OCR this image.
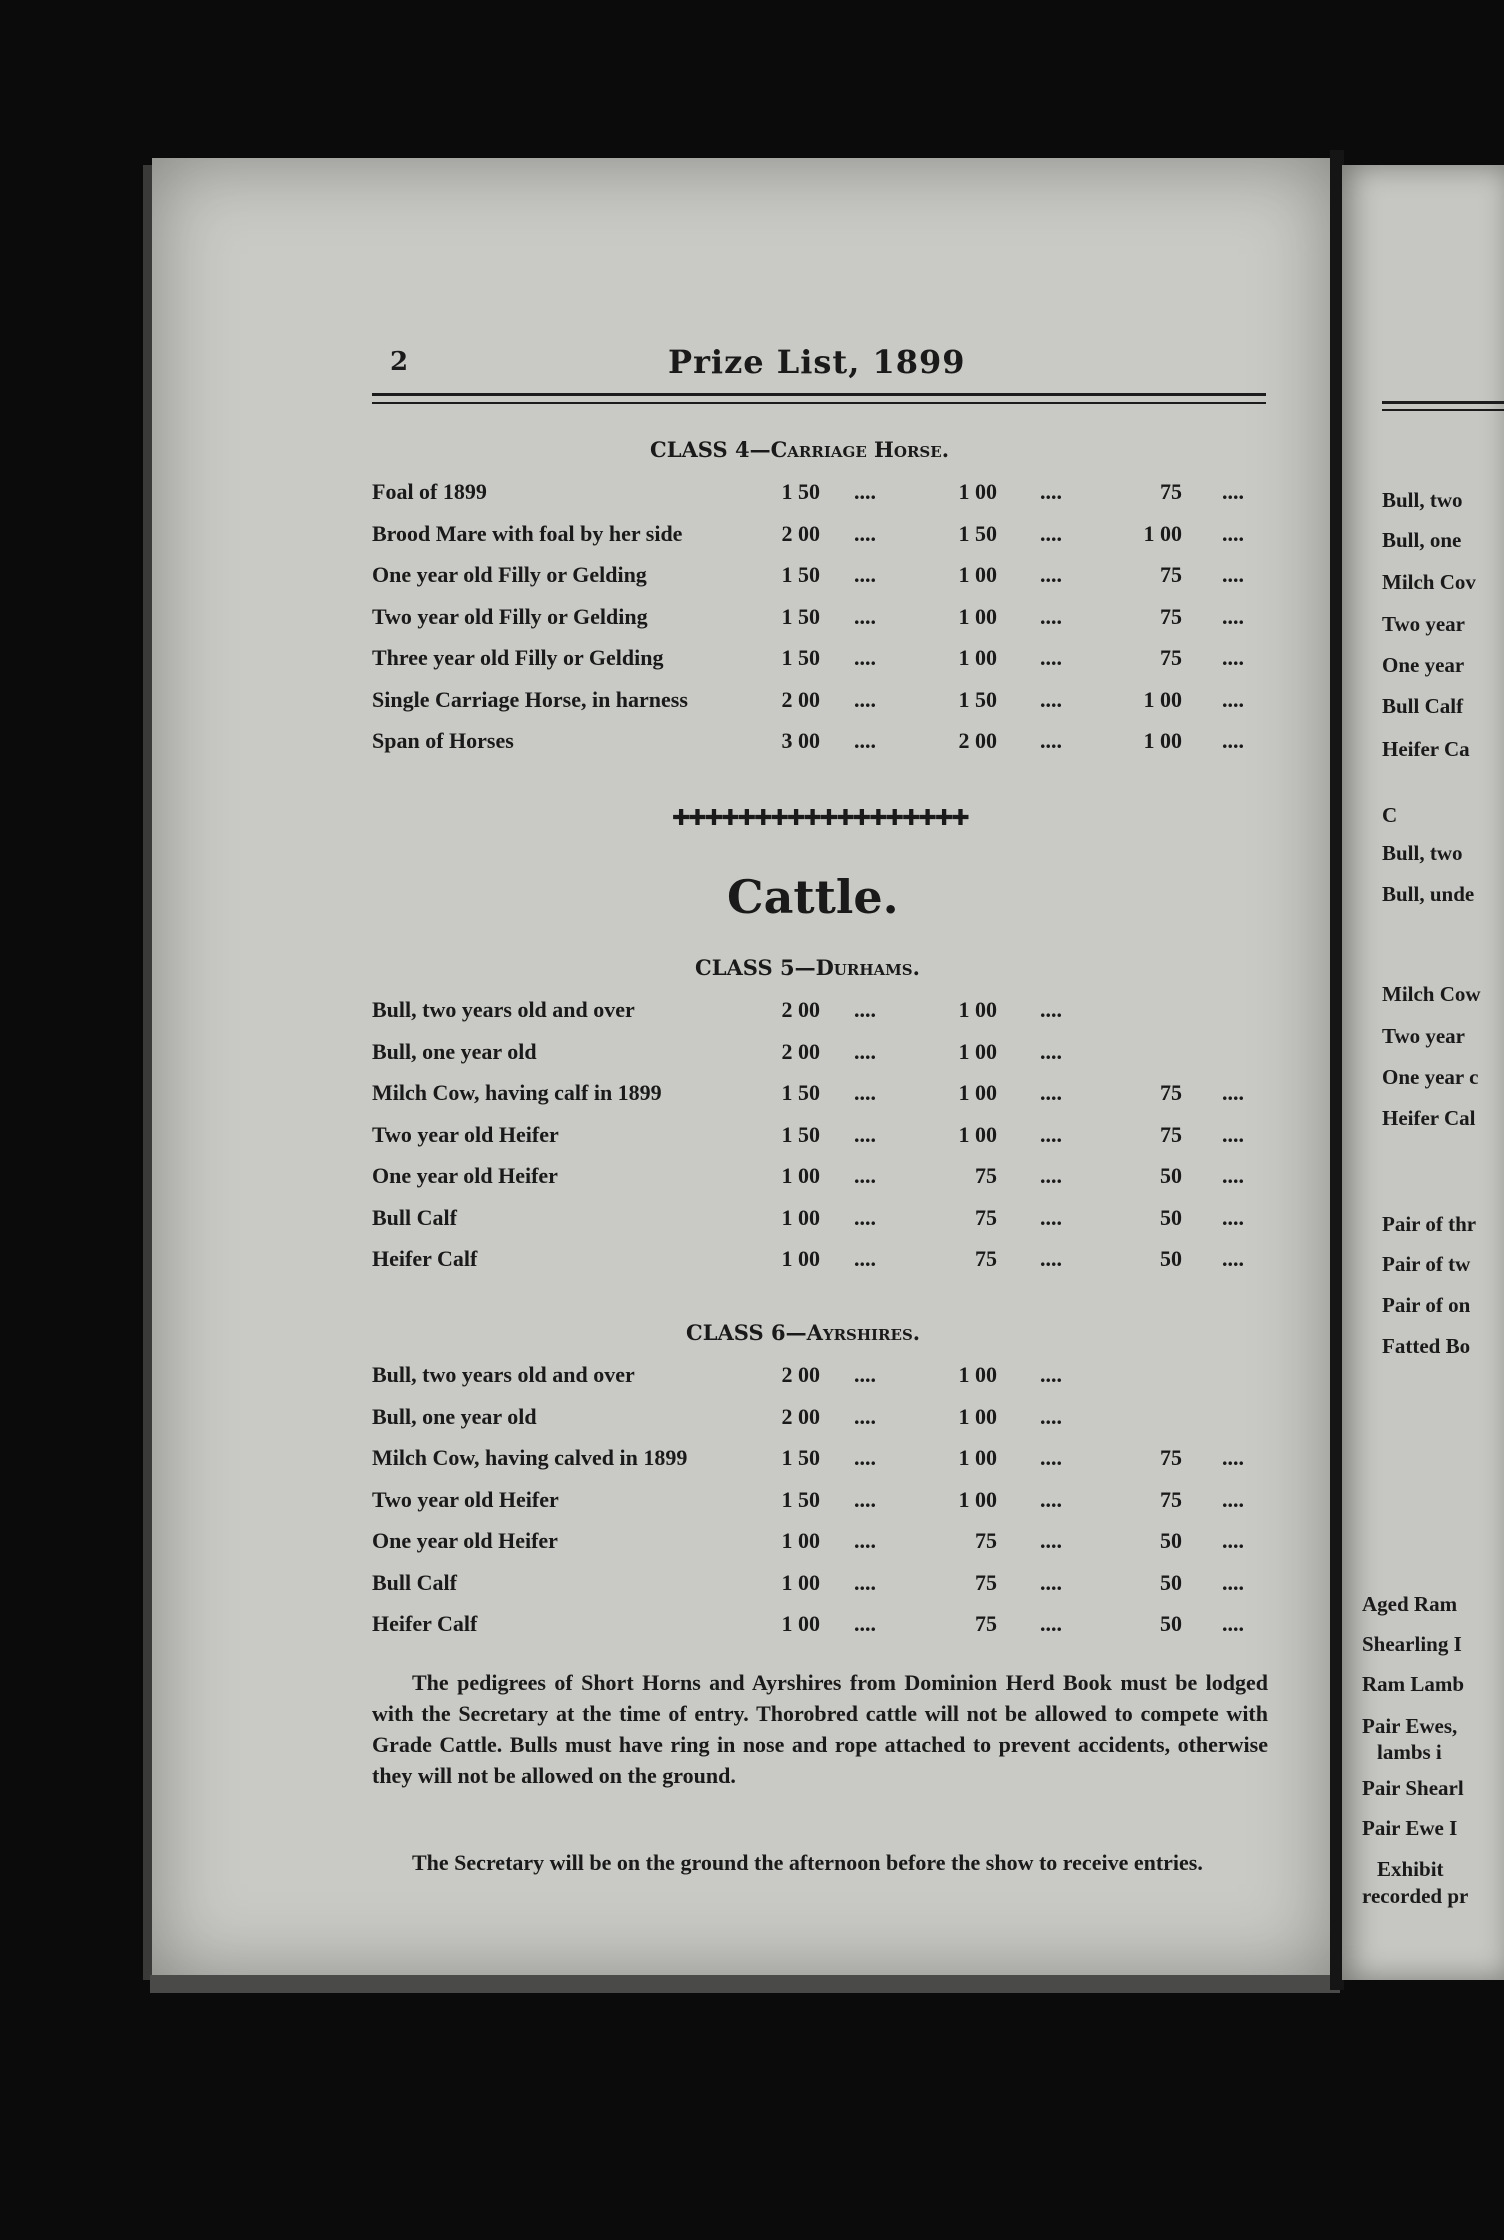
2	Prize List, 1899
CLASS 4—Carriage Horse.
Foal of 1899	1 50 ....	1 00 ....	75 ....
Brood Mare with foal by her side	2 00 ....	1 50 ....	1 00 ....
One year old Filly or Gelding	1 50 ....	1 00 ....	75 ....
Two year old Filly or Gelding	1 50 ....	1 00 ....	75 ....
Three year old Filly or Gelding	1 50 ....	1 00 ....	75 ....
Single Carriage Horse, in harness	2 00 ....	1 50 ....	1 00 ....
Span of Horses	3 00 ....	2 00 ....	1 00 ....
✚✚✚✚✚✚✚✚✚✚✚✚✚✚✚✚✚✚
Cattle.
CLASS 5—Durhams.
Bull, two years old and over	2 00 ....	1 00 ....
Bull, one year old	2 00 ....	1 00 ....
Milch Cow, having calf in 1899	1 50 ....	1 00 ....	75 ....
Two year old Heifer	1 50 ....	1 00 ....	75 ....
One year old Heifer	1 00 ....	75 ....	50 ....
Bull Calf	1 00 ....	75 ....	50 ....
Heifer Calf	1 00 ....	75 ....	50 ....
CLASS 6—Ayrshires.
Bull, two years old and over	2 00 ....	1 00 ....
Bull, one year old	2 00 ....	1 00 ....
Milch Cow, having calved in 1899	1 50 ....	1 00 ....	75 ....
Two year old Heifer	1 50 ....	1 00 ....	75 ....
One year old Heifer	1 00 ....	75 ....	50 ....
Bull Calf	1 00 ....	75 ....	50 ....
Heifer Calf	1 00 ....	75 ....	50 ....
The pedigrees of Short Horns and Ayrshires from Dominion Herd Book must be lodged with the Secretary at the time of entry. Thorobred cattle will not be allowed to compete with Grade Cattle. Bulls must have ring in nose and rope attached to prevent accidents, otherwise they will not be allowed on the ground.
The Secretary will be on the ground the afternoon before the show to receive entries.
Bull, two
Bull, one
Milch Cov
Two year
One year
Bull Calf
Heifer Ca
C
Bull, two
Bull, unde
Milch Cow
Two year
One year c
Heifer Cal
Pair of thr
Pair of tw
Pair of on
Fatted Bo
Aged Ram
Shearling I
Ram Lamb
Pair Ewes,
lambs i
Pair Shearl
Pair Ewe I
Exhibit
recorded pr
